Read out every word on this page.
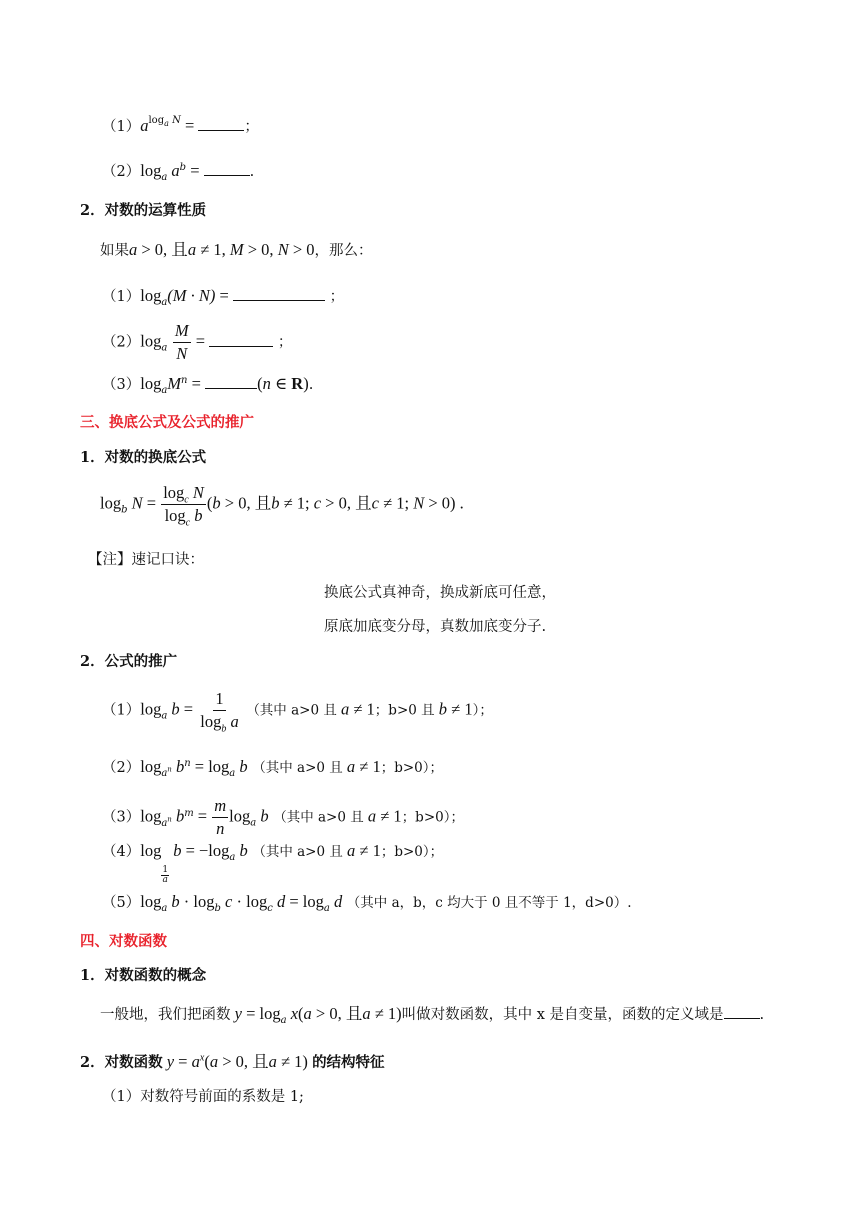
$(1)a^{log_a N}$ =	；
$(2)\log_a$ $a^b$ =	.
2．对数的运算性质
如果a > 0, 且a ≠ 1, M > 0, N > 0，那么：
$(1)\log_a(M \cdot N)$ =	；
$(2)\log_a \frac{M}{N}$ =	；
$(3)\log_aM^n$ =	(n ∈ R).
三、换底公式及公式的推广
1．对数的换底公式
$\log_b N = \frac{\log_c N}{\log_c b} (b > 0$, 且b ≠ 1; c > 0, 且c ≠ 1; N > 0) .
【注】速记口诀：
换底公式真神奇，换成新底可任意，
原底加底变分母，真数加底变分子.
2．公式的推广
$(1)\log_a$ $b = \frac{1}{\log_b a}$ （其中 a>0 且 a ≠ 1；b>0 且 b ≠ 1）；
$(2)\log_{a^n}$ $b^n = \log_a b$ （其中 a>0 且 a ≠ 1；b>0）；
$(3)\log_{a^n}$ $b^m = \frac{m}{n} \log_a b$ （其中 a>0 且 a ≠ 1；b>0）；
（4）log
$\frac{1}{a}$
$b = -\log_a$ b （其中 a>0 且 a ≠ 1；b>0）；
$(5)\log_a$ $b \cdot \log_b c \cdot \log_c d = \log_a d$ （其中 a，b，c 均大于 0 且不等于 1，d>0）.
四、对数函数
1．对数函数的概念
一般地，我们把函数 $y = \log_a x(a > 0$, 且a ≠ 1)叫做对数函数，其中 x 是自变量，函数的定义域是 .
2．对数函数 $y = a^x(a > 0$, 且a ≠ 1) 的结构特征
（1）对数符号前面的系数是 1;
